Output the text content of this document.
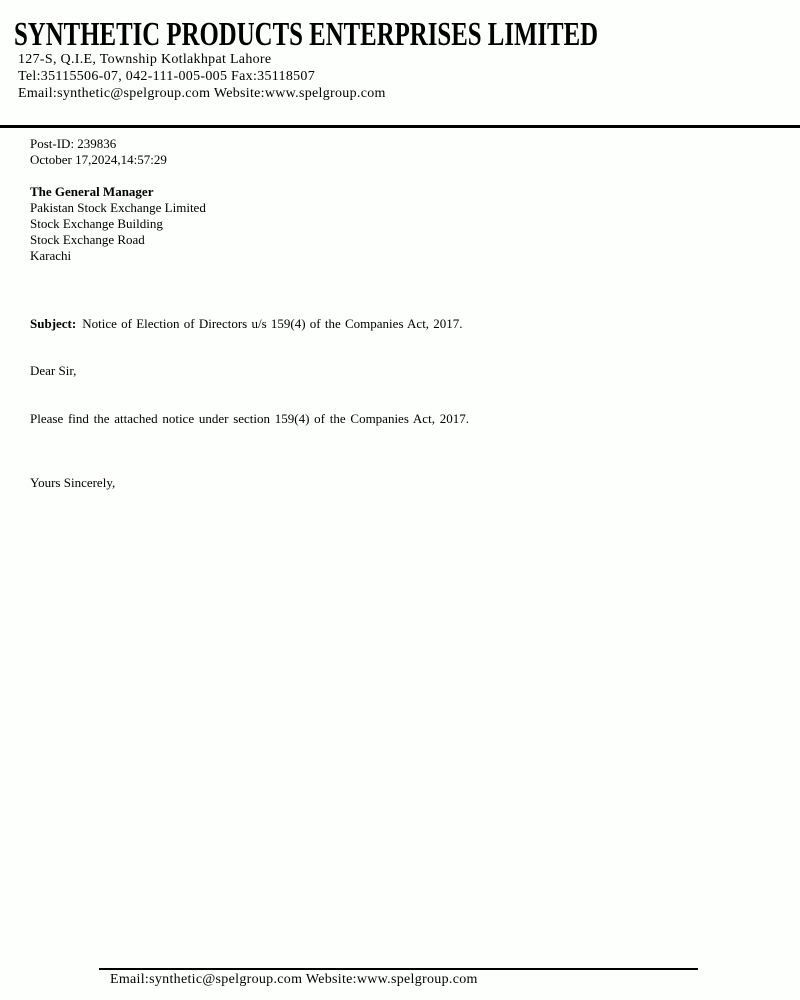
SYNTHETIC PRODUCTS ENTERPRISES LIMITED
127-S, Q.I.E, Township Kotlakhpat Lahore
Tel:35115506-07, 042-111-005-005 Fax:35118507
Email:synthetic@spelgroup.com Website:www.spelgroup.com
Post-ID: 239836
October 17,2024,14:57:29
The General Manager
Pakistan Stock Exchange Limited
Stock Exchange Building
Stock Exchange Road
Karachi
Subject: Notice of Election of Directors u/s 159(4) of the Companies Act, 2017.
Dear Sir,
Please find the attached notice under section 159(4) of the Companies Act, 2017.
Yours Sincerely,
Email:synthetic@spelgroup.com Website:www.spelgroup.com
